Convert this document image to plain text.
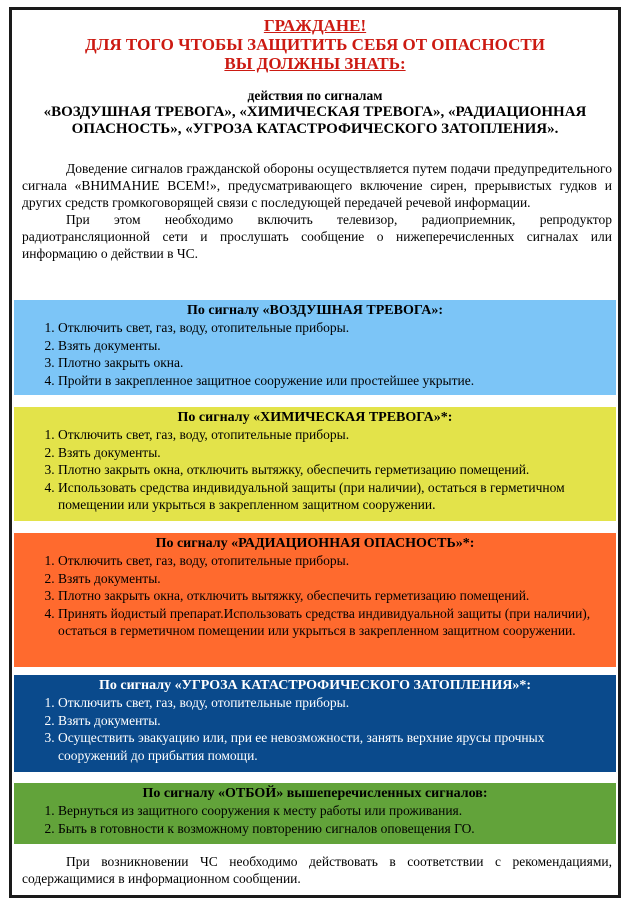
ГРАЖДАНЕ!
ДЛЯ ТОГО ЧТОБЫ ЗАЩИТИТЬ СЕБЯ ОТ ОПАСНОСТИ
ВЫ ДОЛЖНЫ ЗНАТЬ:
действия по сигналам
«ВОЗДУШНАЯ ТРЕВОГА», «ХИМИЧЕСКАЯ ТРЕВОГА», «РАДИАЦИОННАЯ
ОПАСНОСТЬ», «УГРОЗА КАТАСТРОФИЧЕСКОГО ЗАТОПЛЕНИЯ».

Доведение сигналов гражданской обороны осуществляется путем подачи предупредительного сигнала «ВНИМАНИЕ ВСЕМ!», предусматривающего включение сирен, прерывистых гудков и других средств громкоговорящей связи с последующей передачей речевой информации.

При этом необходимо включить телевизор, радиоприемник, репродуктор радиотрансляционной сети и прослушать сообщение о нижеперечисленных сигналах или информацию о действии в ЧС.

По сигналу «ВОЗДУШНАЯ ТРЕВОГА»:
1. Отключить свет, газ, воду, отопительные приборы.
2. Взять документы.
3. Плотно закрыть окна.
4. Пройти в закрепленное защитное сооружение или простейшее укрытие.
По сигналу «ХИМИЧЕСКАЯ ТРЕВОГА»*:
1. Отключить свет, газ, воду, отопительные приборы.
2. Взять документы.
3. Плотно закрыть окна, отключить вытяжку, обеспечить герметизацию помещений.
4. Использовать средства индивидуальной защиты (при наличии), остаться в герметичном помещении или укрыться в закрепленном защитном сооружении.
По сигналу «РАДИАЦИОННАЯ ОПАСНОСТЬ»*:
1. Отключить свет, газ, воду, отопительные приборы.
2. Взять документы.
3. Плотно закрыть окна, отключить вытяжку, обеспечить герметизацию помещений.
4. Принять йодистый препарат.Использовать средства индивидуальной защиты (при наличии), остаться в герметичном помещении или укрыться в закрепленном защитном сооружении.
По сигналу «УГРОЗА КАТАСТРОФИЧЕСКОГО ЗАТОПЛЕНИЯ»*:
1. Отключить свет, газ, воду, отопительные приборы.
2. Взять документы.
3. Осуществить эвакуацию или, при ее невозможности, занять верхние ярусы прочных сооружений до прибытия помощи.
По сигналу «ОТБОЙ» вышеперечисленных сигналов:
1. Вернуться из защитного сооружения к месту работы или проживания.
2. Быть в готовности к возможному повторению сигналов оповещения ГО.

При возникновении ЧС необходимо действовать в соответствии с рекомендациями, содержащимися в информационном сообщении.
